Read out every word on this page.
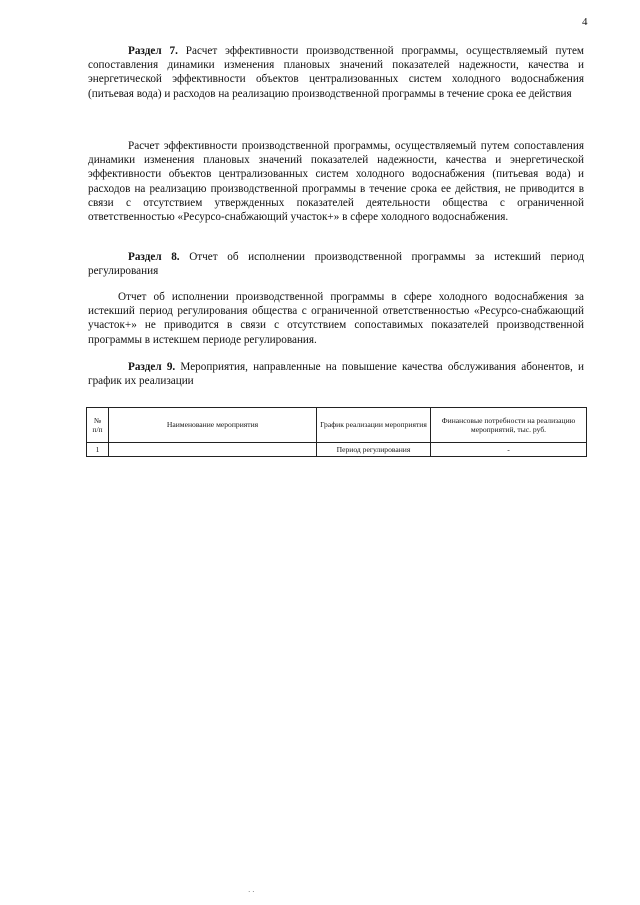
4

Раздел 7. Расчет эффективности производственной программы, осуществляемый путем сопоставления динамики изменения плановых значений показателей надежности, качества и энергетической эффективности объектов централизованных систем холодного водоснабжения (питьевая вода) и расходов на реализацию производственной программы в течение срока ее действия

Расчет эффективности производственной программы, осуществляемый путем сопоставления динамики изменения плановых значений показателей надежности, качества и энергетической эффективности объектов централизованных систем холодного водоснабжения (питьевая вода) и расходов на реализацию производственной программы в течение срока ее действия, не приводится в связи с отсутствием утвержденных показателей деятельности общества с ограниченной ответственностью «Ресурсо-снабжающий участок+» в сфере холодного водоснабжения.

Раздел 8. Отчет об исполнении производственной программы за истекший период регулирования

Отчет об исполнении производственной программы в сфере холодного водоснабжения за истекший период регулирования общества с ограниченной ответственностью «Ресурсо-снабжающий участок+» не приводится в связи с отсутствием сопоставимых показателей производственной программы в истекшем периоде регулирования.

Раздел 9. Мероприятия, направленные на повышение качества обслуживания абонентов, и график их реализации

№ п/п	Наименование мероприятия	График реализации мероприятия	Финансовые потребности на реализацию мероприятий, тыс. руб.
1		Период регулирования	-
· ·
